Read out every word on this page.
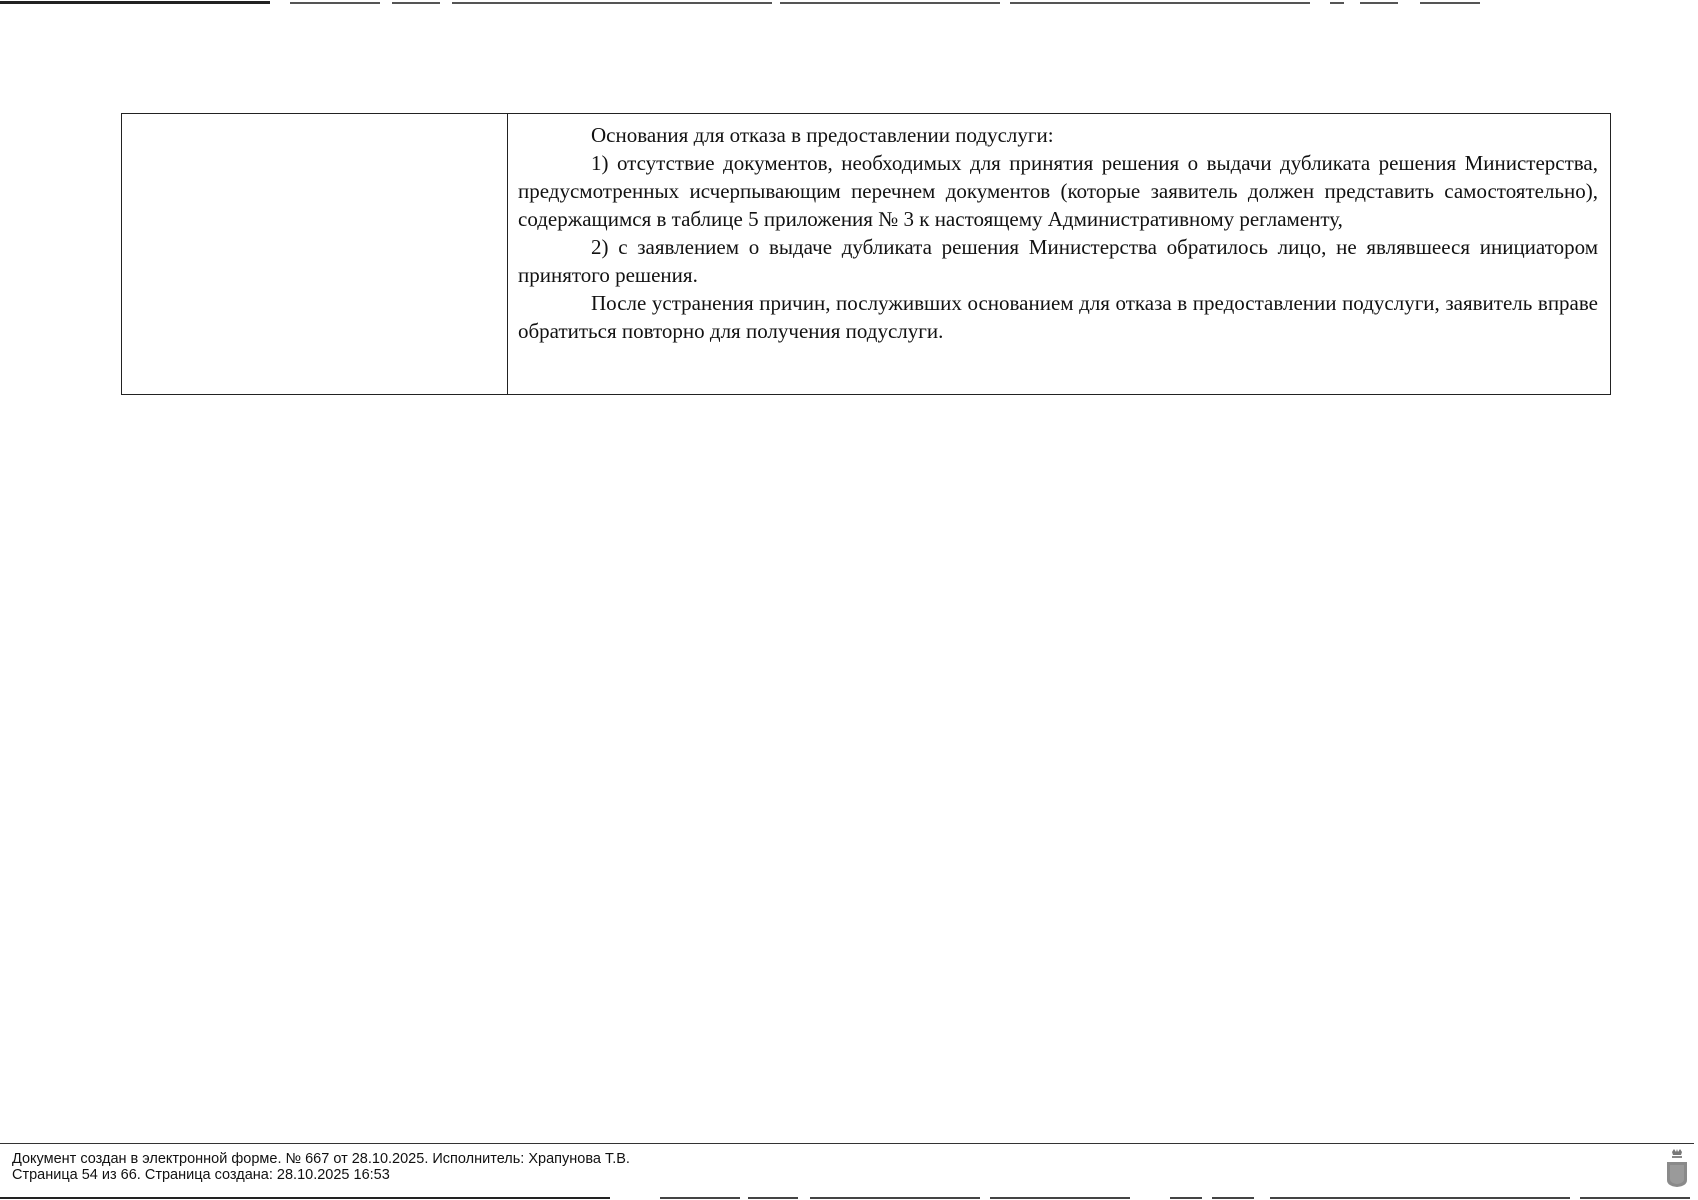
Основания для отказа в предоставлении подуслуги:

1) отсутствие документов, необходимых для принятия решения о выдачи дубликата решения Министерства, предусмотренных исчерпывающим перечнем документов (которые заявитель должен представить самостоятельно), содержащимся в таблице 5 приложения № 3 к настоящему Административному регламенту,

2) с заявлением о выдаче дубликата решения Министерства обратилось лицо, не являвшееся инициатором принятого решения.

После устранения причин, послуживших основанием для отказа в предоставлении подуслуги, заявитель вправе обратиться повторно для получения подуслуги.

Документ создан в электронной форме. № 667 от 28.10.2025. Исполнитель: Храпунова Т.В.
Страница 54 из 66. Страница создана: 28.10.2025 16:53
